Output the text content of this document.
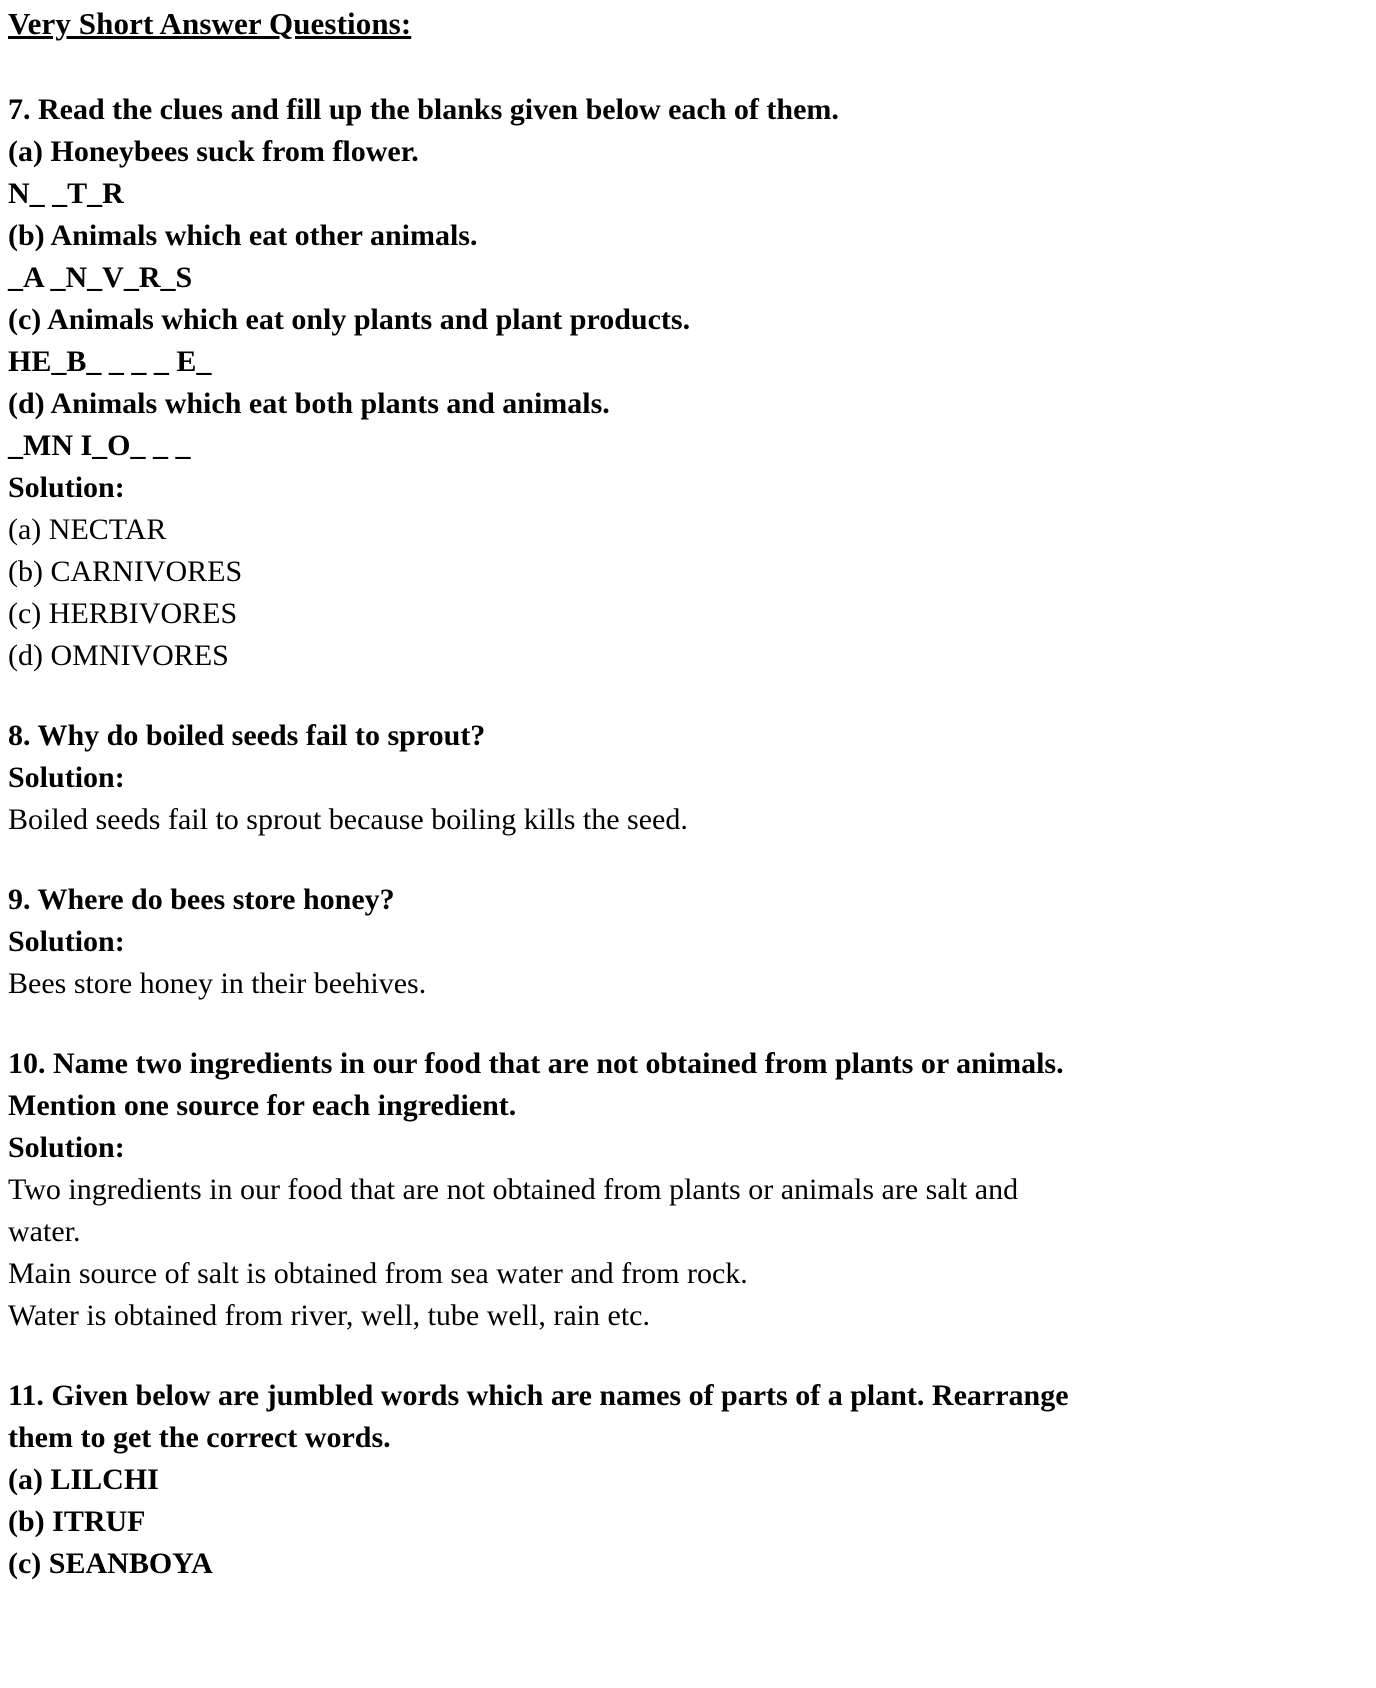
Very Short Answer Questions:

7. Read the clues and fill up the blanks given below each of them.

(a) Honeybees suck from flower.

N_ _T_R

(b) Animals which eat other animals.

_A _N_V_R_S

(c) Animals which eat only plants and plant products.

HE_B_ _ _ _ E_

(d) Animals which eat both plants and animals.

_MN I_O_ _ _

Solution:

(a) NECTAR

(b) CARNIVORES

(c) HERBIVORES

(d) OMNIVORES

8. Why do boiled seeds fail to sprout?

Solution:

Boiled seeds fail to sprout because boiling kills the seed.

9. Where do bees store honey?

Solution:

Bees store honey in their beehives.

10. Name two ingredients in our food that are not obtained from plants or animals.

Mention one source for each ingredient.

Solution:

Two ingredients in our food that are not obtained from plants or animals are salt and

water.

Main source of salt is obtained from sea water and from rock.

Water is obtained from river, well, tube well, rain etc.

11. Given below are jumbled words which are names of parts of a plant. Rearrange

them to get the correct words.

(a) LILCHI

(b) ITRUF

(c) SEANBOYA
